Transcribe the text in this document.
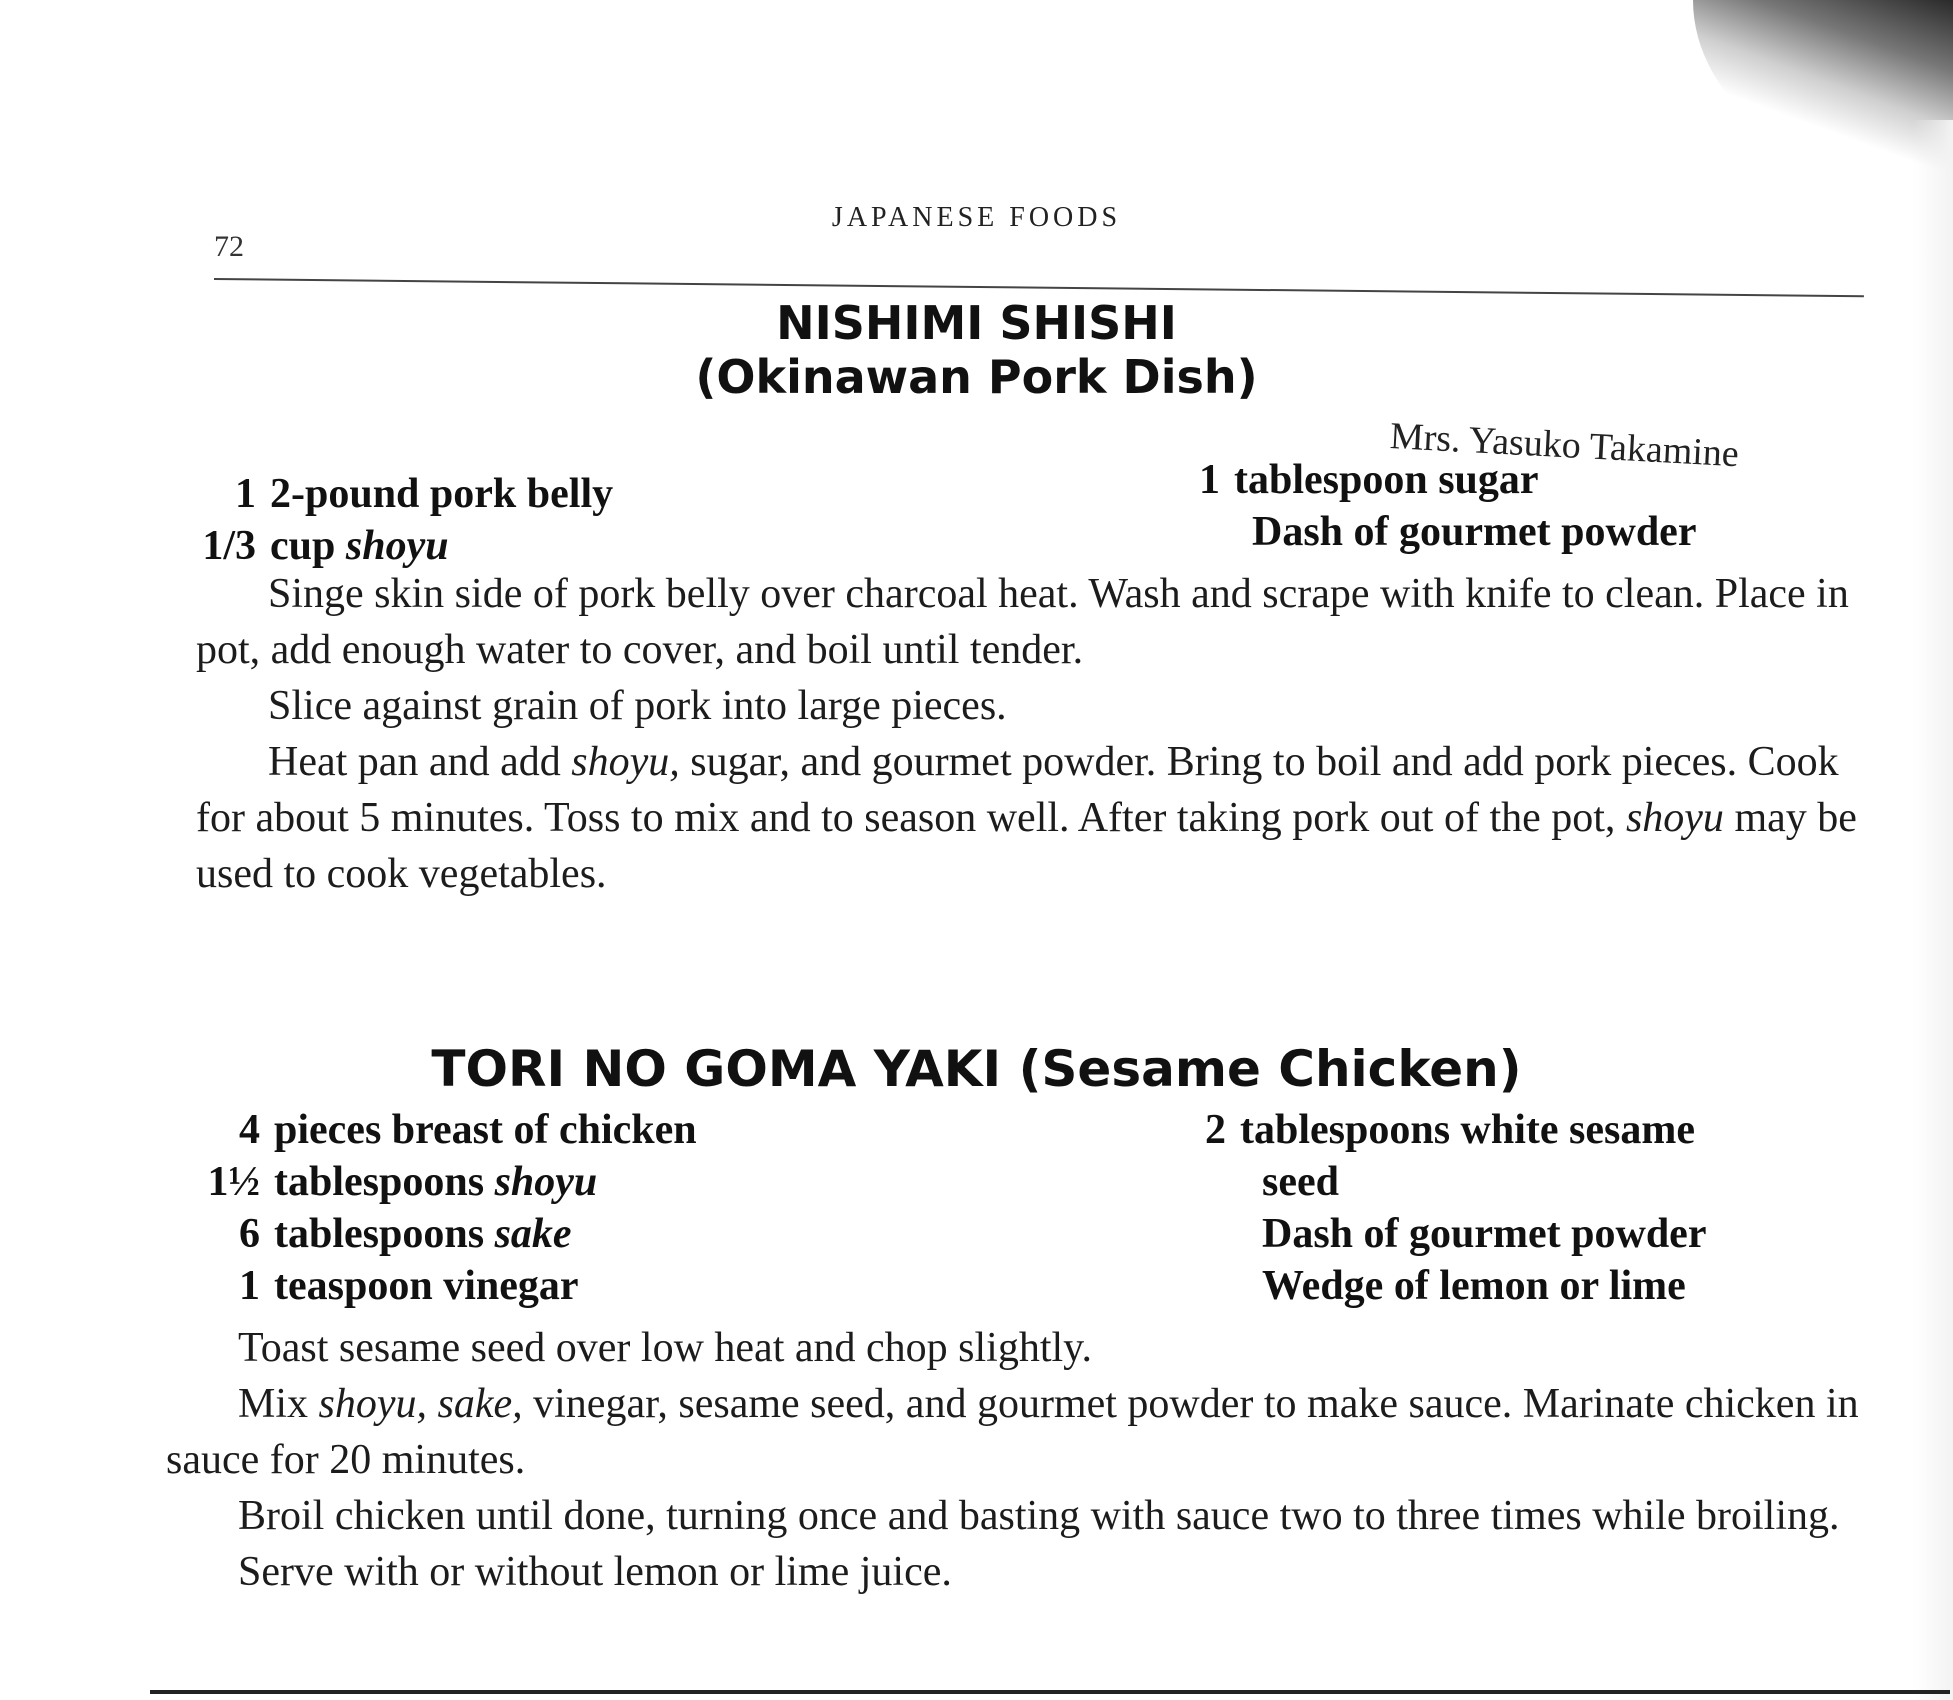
72
JAPANESE FOODS
NISHIMI SHISHI
(Okinawan Pork Dish)
Mrs. Yasuko Takamine
1 2-pound pork belly
1/3 cup shoyu
1 tablespoon sugar
Dash of gourmet powder

Singe skin side of pork belly over charcoal heat. Wash and scrape with knife to clean. Place in pot, add enough water to cover, and boil until tender.

Slice against grain of pork into large pieces.

Heat pan and add shoyu, sugar, and gourmet powder. Bring to boil and add pork pieces. Cook for about 5 minutes. Toss to mix and to season well. After taking pork out of the pot, shoyu may be used to cook vegetables.

TORI NO GOMA YAKI (Sesame Chicken)
4 pieces breast of chicken
1½ tablespoons shoyu
6 tablespoons sake
1 teaspoon vinegar
2 tablespoons white sesame
seed
Dash of gourmet powder
Wedge of lemon or lime

Toast sesame seed over low heat and chop slightly.

Mix shoyu, sake, vinegar, sesame seed, and gourmet powder to make sauce. Marinate chicken in sauce for 20 minutes.

Broil chicken until done, turning once and basting with sauce two to three times while broiling.

Serve with or without lemon or lime juice.
